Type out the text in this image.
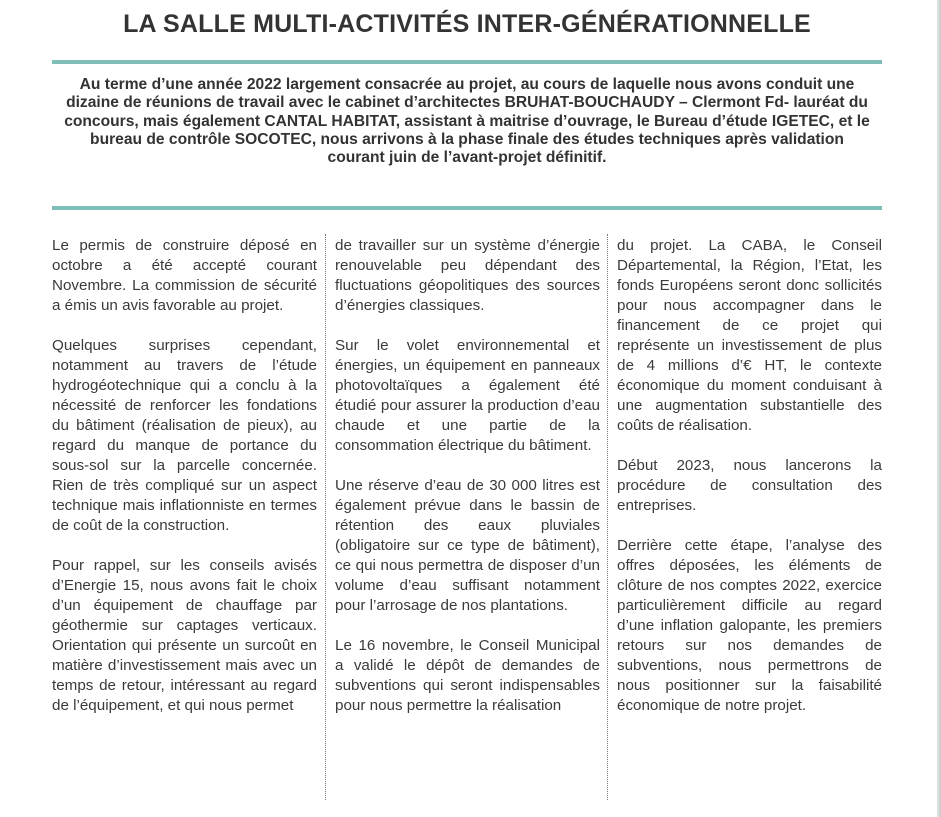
LA SALLE MULTI-ACTIVITÉS INTER-GÉNÉRATIONNELLE
Au terme d’une année 2022 largement consacrée au projet, au cours de laquelle nous avons conduit une dizaine de réunions de travail avec le cabinet d’architectes BRUHAT-BOUCHAUDY – Clermont Fd- lauréat du concours, mais également CANTAL HABITAT, assistant à maitrise d’ouvrage, le Bureau d’étude IGETEC, et le bureau de contrôle SOCOTEC, nous arrivons à la phase finale des études techniques après validation courant juin de l’avant-projet définitif.

Le permis de construire déposé en octobre a été accepté courant Novembre. La commission de sécurité a émis un avis favorable au projet.

Quelques surprises cependant, notamment au travers de l’étude hydrogéotechnique qui a conclu à la nécessité de renforcer les fondations du bâtiment (réalisation de pieux), au regard du manque de portance du sous-sol sur la parcelle concernée. Rien de très compliqué sur un aspect technique mais inflationniste en termes de coût de la construction.

Pour rappel, sur les conseils avisés d’Energie 15, nous avons fait le choix d’un équipement de chauffage par géothermie sur captages verticaux. Orientation qui présente un surcoût en matière d’investissement mais avec un temps de retour, intéressant au regard de l’équipement, et qui nous permet

de travailler sur un système d’énergie renouvelable peu dépendant des fluctuations géopolitiques des sources d’énergies classiques.

Sur le volet environnemental et énergies, un équipement en panneaux photovoltaïques a également été étudié pour assurer la production d’eau chaude et une partie de la consommation électrique du bâtiment.

Une réserve d’eau de 30 000 litres est également prévue dans le bassin de rétention des eaux pluviales (obligatoire sur ce type de bâtiment), ce qui nous permettra de disposer d’un volume d’eau suffisant notamment pour l’arrosage de nos plantations.

Le 16 novembre, le Conseil Municipal a validé le dépôt de demandes de subventions qui seront indispensables pour nous permettre la réalisation

du projet. La CABA, le Conseil Départemental, la Région, l’Etat, les fonds Européens seront donc sollicités pour nous accompagner dans le financement de ce projet qui représente un investissement de plus de 4 millions d’€ HT, le contexte économique du moment conduisant à une augmentation substantielle des coûts de réalisation.

Début 2023, nous lancerons la procédure de consultation des entreprises.

Derrière cette étape, l’analyse des offres déposées, les éléments de clôture de nos comptes 2022, exercice particulièrement difficile au regard d’une inflation galopante, les premiers retours sur nos demandes de subventions, nous permettrons de nous positionner sur la faisabilité économique de notre projet.
